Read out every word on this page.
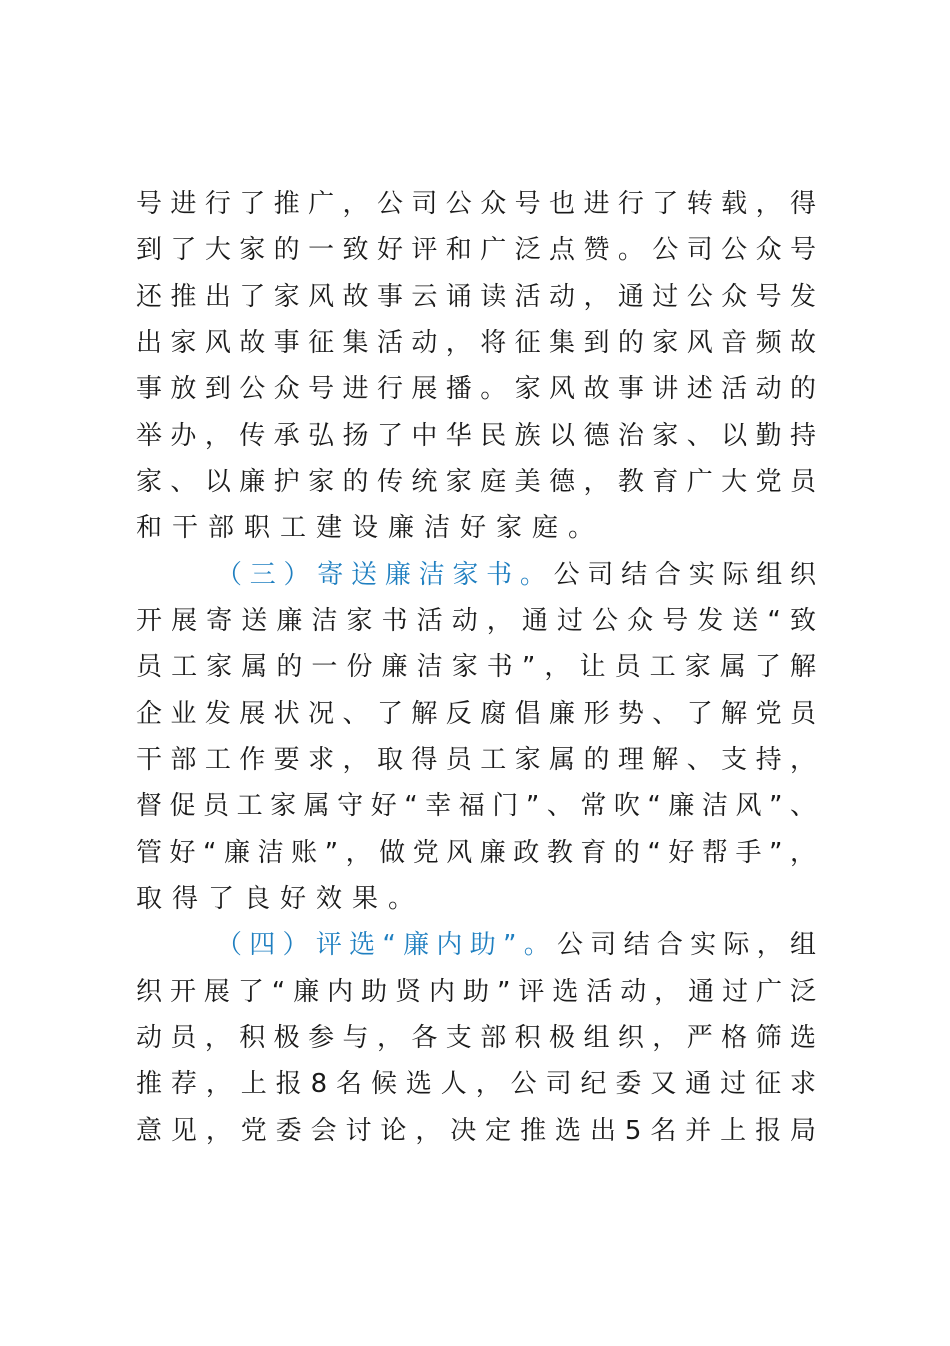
号进行了推广，公司公众号也进行了转载，得
到了大家的一致好评和广泛点赞。公司公众号
还推出了家风故事云诵读活动，通过公众号发
出家风故事征集活动，将征集到的家风音频故
事放到公众号进行展播。家风故事讲述活动的
举办，传承弘扬了中华民族以德治家、以勤持
家、以廉护家的传统家庭美德，教育广大党员
和干部职工建设廉洁好家庭。
（三）寄送廉洁家书。公司结合实际组织
开展寄送廉洁家书活动，通过公众号发送“致
员工家属的一份廉洁家书”，让员工家属了解
企业发展状况、了解反腐倡廉形势、了解党员
干部工作要求，取得员工家属的理解、支持，
督促员工家属守好“幸福门”、常吹“廉洁风”、
管好“廉洁账”，做党风廉政教育的“好帮手”，
取得了良好效果。
（四）评选“廉内助”。公司结合实际，组
织开展了“廉内助贤内助”评选活动，通过广泛
动员，积极参与，各支部积极组织，严格筛选
推荐，上报8名候选人，公司纪委又通过征求
意见，党委会讨论，决定推选出5名并上报局
